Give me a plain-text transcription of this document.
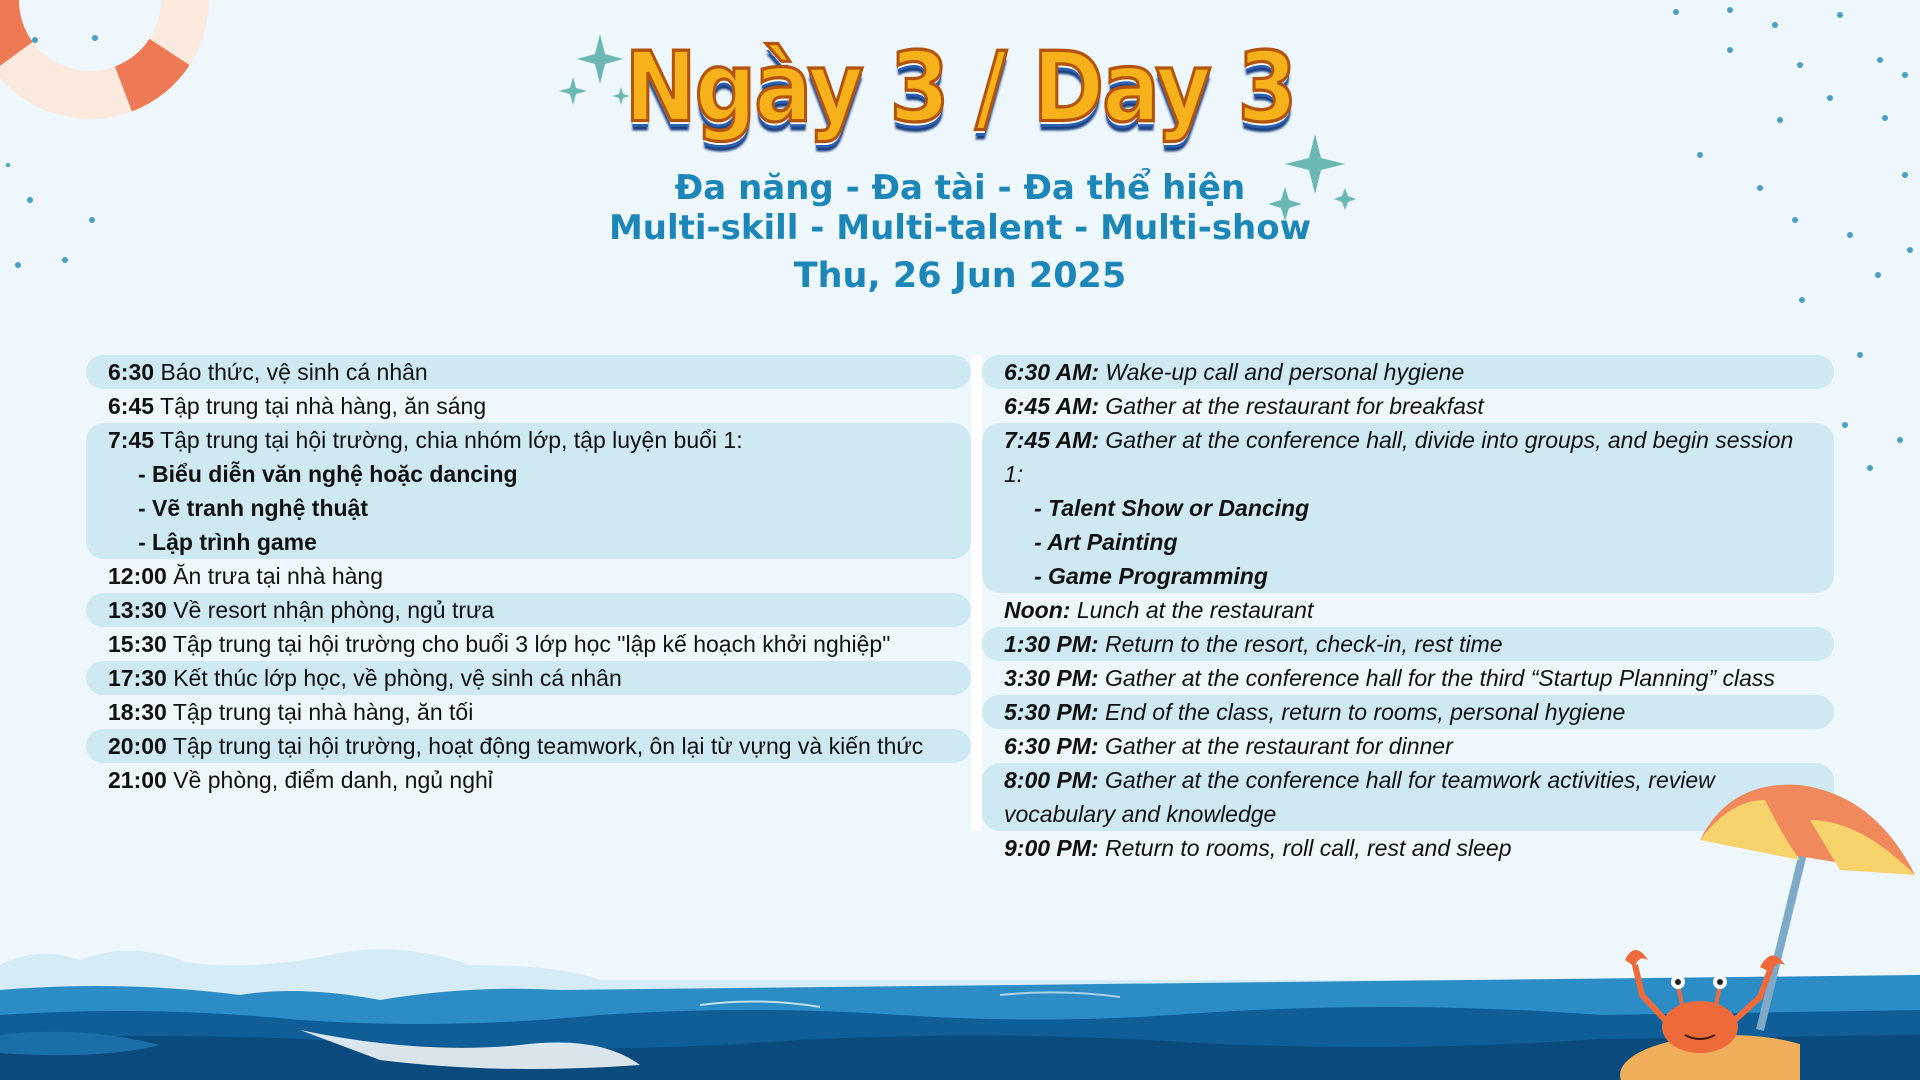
Ngày 3 / Day 3
Đa năng - Đa tài - Đa thể hiện
Multi-skill - Multi-talent - Multi-show
Thu, 26 Jun 2025
6:30 Báo thức, vệ sinh cá nhân
6:45 Tập trung tại nhà hàng, ăn sáng
7:45 Tập trung tại hội trường, chia nhóm lớp, tập luyện buổi 1:
- Biểu diễn văn nghệ hoặc dancing
- Vẽ tranh nghệ thuật
- Lập trình game
12:00 Ăn trưa tại nhà hàng
13:30 Về resort nhận phòng, ngủ trưa
15:30 Tập trung tại hội trường cho buổi 3 lớp học "lập kế hoạch khởi nghiệp"
17:30 Kết thúc lớp học, về phòng, vệ sinh cá nhân
18:30 Tập trung tại nhà hàng, ăn tối
20:00 Tập trung tại hội trường, hoạt động teamwork, ôn lại từ vựng và kiến thức
21:00 Về phòng, điểm danh, ngủ nghỉ
6:30 AM: Wake-up call and personal hygiene
6:45 AM: Gather at the restaurant for breakfast
7:45 AM: Gather at the conference hall, divide into groups, and begin session 1:
- Talent Show or Dancing
- Art Painting
- Game Programming
Noon: Lunch at the restaurant
1:30 PM: Return to the resort, check-in, rest time
3:30 PM: Gather at the conference hall for the third “Startup Planning” class
5:30 PM: End of the class, return to rooms, personal hygiene
6:30 PM: Gather at the restaurant for dinner
8:00 PM: Gather at the conference hall for teamwork activities, review vocabulary and knowledge
9:00 PM: Return to rooms, roll call, rest and sleep
